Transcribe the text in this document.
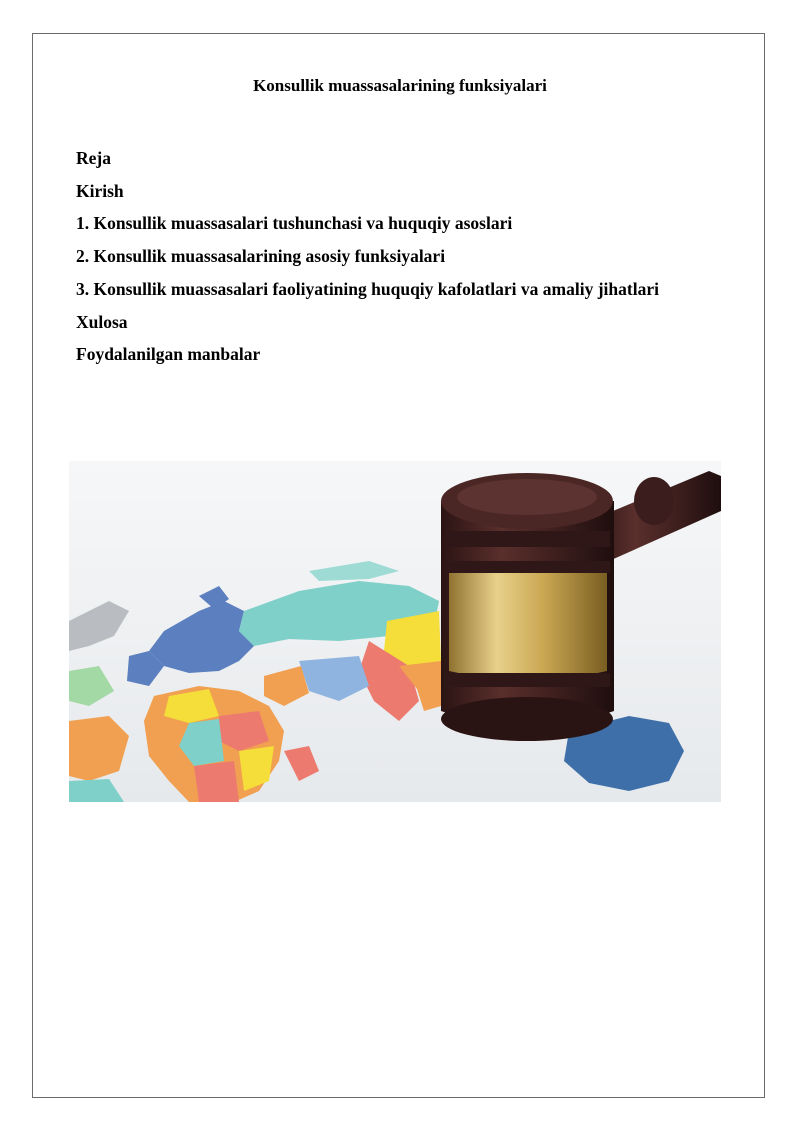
Konsullik muassasalarining funksiyalari
Reja
Kirish
1. Konsullik muassasalari tushunchasi va huquqiy asoslari
2. Konsullik muassasalarining asosiy funksiyalari
3. Konsullik muassasalari faoliyatining huquqiy kafolatlari va amaliy jihatlari
Xulosa
Foydalanilgan manbalar
